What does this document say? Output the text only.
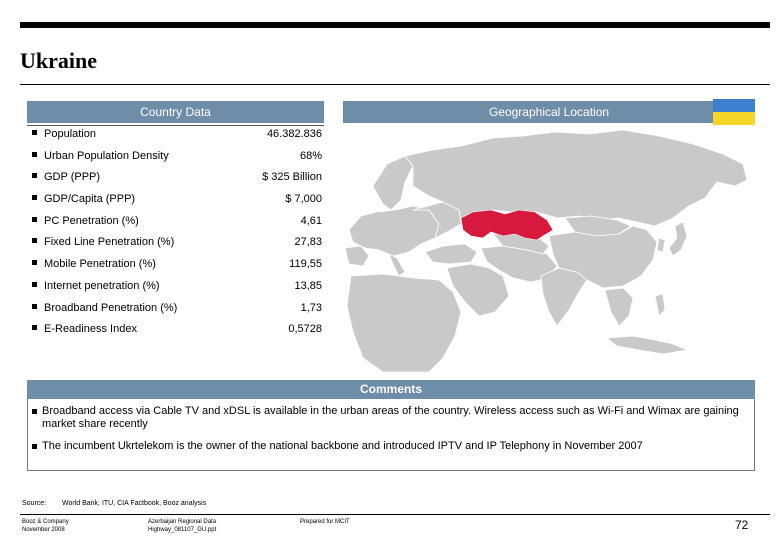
Ukraine
Country Data
Population	46.382.836
Urban Population Density	68%
GDP (PPP)	$ 325 Billion
GDP/Capita (PPP)	$ 7,000
PC Penetration (%)	4,61
Fixed Line Penetration (%)	27,83
Mobile Penetration (%)	119,55
Internet penetration (%)	13,85
Broadband Penetration (%)	1,73
E-Readiness Index	0,5728
Geographical Location
Comments
Broadband access via Cable TV and xDSL is available in the urban areas of the country. Wireless access such as Wi-Fi and Wimax are gaining market share recently
The incumbent Ukrtelekom is the owner of the national backbone and introduced IPTV and IP Telephony in November 2007
Source: World Bank, ITU, CIA Factbook, Booz analysis
Booz & Company
November 2008
Azerbaijan Regional Data
Highway_081107_GU.ppt
Prepared for MCIT	72
